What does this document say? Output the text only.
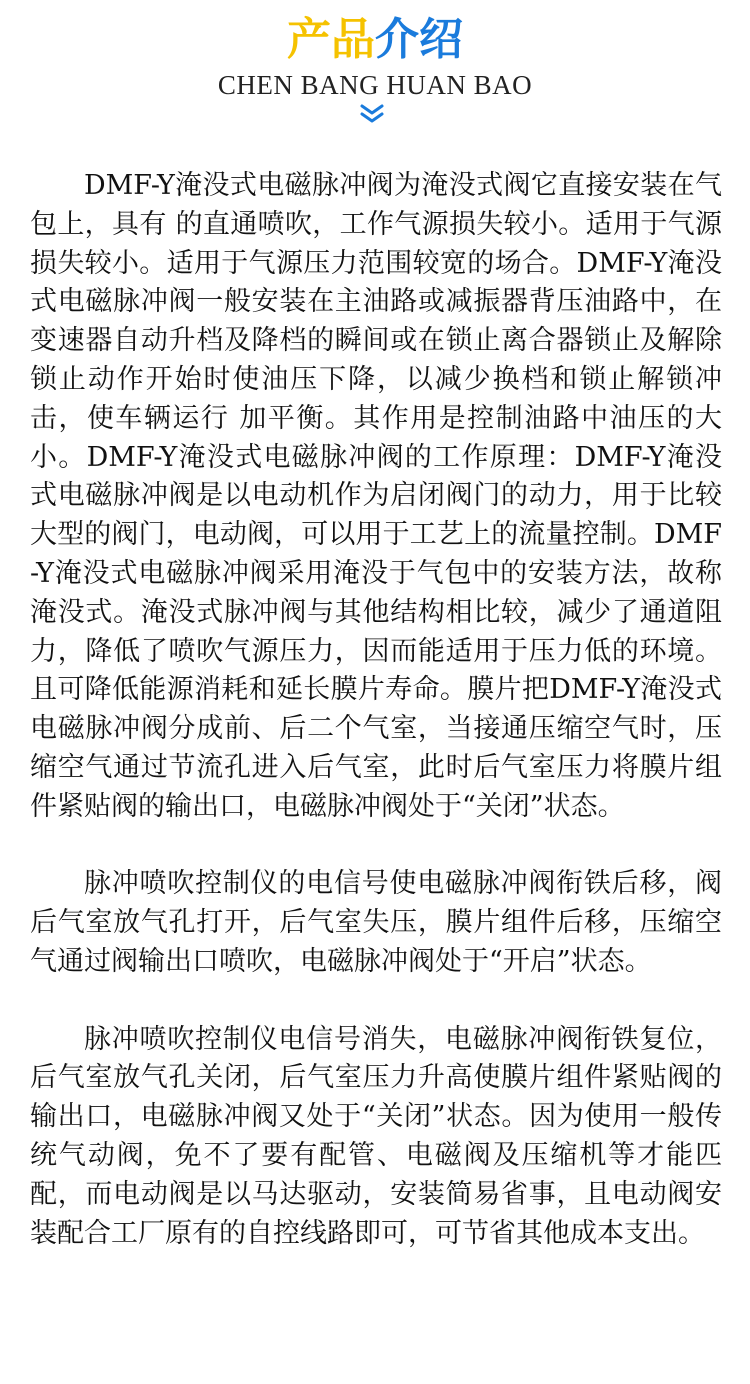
产品介绍
CHEN BANG HUAN BAO

DMF-Y淹没式电磁脉冲阀为淹没式阀它直接安装在气包上，具有 的直通喷吹，工作气源损失较小。适用于气源损失较小。适用于气源压力范围较宽的场合。DMF-Y淹没式电磁脉冲阀一般安装在主油路或减振器背压油路中，在变速器自动升档及降档的瞬间或在锁止离合器锁止及解除锁止动作开始时使油压下降，以减少换档和锁止解锁冲击，使车辆运行 加平衡。其作用是控制油路中油压的大小。DMF-Y淹没式电磁脉冲阀的工作原理：DMF-Y淹没式电磁脉冲阀是以电动机作为启闭阀门的动力，用于比较大型的阀门，电动阀，可以用于工艺上的流量控制。DMF-Y淹没式电磁脉冲阀采用淹没于气包中的安装方法，故称淹没式。淹没式脉冲阀与其他结构相比较，减少了通道阻力，降低了喷吹气源压力，因而能适用于压力低的环境。且可降低能源消耗和延长膜片寿命。膜片把DMF-Y淹没式电磁脉冲阀分成前、后二个气室，当接通压缩空气时，压缩空气通过节流孔进入后气室，此时后气室压力将膜片组件紧贴阀的输出口，电磁脉冲阀处于“关闭”状态。

脉冲喷吹控制仪的电信号使电磁脉冲阀衔铁后移，阀后气室放气孔打开，后气室失压，膜片组件后移，压缩空气通过阀输出口喷吹，电磁脉冲阀处于“开启”状态。

脉冲喷吹控制仪电信号消失，电磁脉冲阀衔铁复位，后气室放气孔关闭，后气室压力升高使膜片组件紧贴阀的输出口，电磁脉冲阀又处于“关闭”状态。因为使用一般传统气动阀，免不了要有配管、电磁阀及压缩机等才能匹配，而电动阀是以马达驱动，安装简易省事，且电动阀安装配合工厂原有的自控线路即可，可节省其他成本支出。
